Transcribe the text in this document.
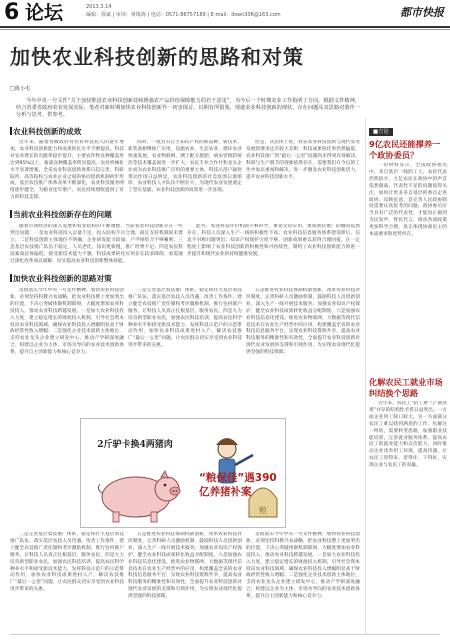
6 论坛	2013.3.14
编辑：徐斌 | 审读：黄镇海 | 电话：0571-86757189 | E-mail：dswn306@163.com	都市快报
加快农业科技创新的思路和对策
□陈小毛

今年中央一号文件“关于加快推进农业科技创新持续增强农产品供给保障能力的若干意见”，为今后一个时期农业工作指明了方向。根据文件精神，结合省委省政府农业发展实际，笔者对新时期加快农业科技创新作一初步探讨，以期有所借鉴，现就农业科技创新的现状、存在问题及其思路对策作一分析与思考，供参考。

农业科技创新的成效
近年来，随着各级政府对农业科技投入的逐年增加，农业科技创新能力和成果转化水平不断提高。科技对农业增长的贡献率稳步提升，主要农作物良种覆盖率达到95%以上，畜禽良种覆盖率明显提高，农业机械化水平显著增强。全省农业科技创新体系日趋完善，科研院所、高等院校与农业企业之间的协同创新机制初步形成，基层农技推广体系改革不断深化，农业科技服务网络逐步健全，为粮食连年增产、农民持续增收提供了有力的科技支撑。
同时，一批具有自主知识产权的新品种、新技术、新装备相继推广应用，设施农业、生态农业、循环农业快速发展，农业物联网、测土配方施肥、病虫害统防统治等技术覆盖面进一步扩大。农民专业合作社和龙头企业成为农业科技推广应用的重要主体，科技示范户辐射带动作用日益明显，农业科技创新的社会氛围日渐浓厚，农业科技人才队伍不断壮大，为现代农业发展奠定了坚实基础，农业科技创新的成效进一步显现。
但是，从总体上看，我省农业科技创新与现代农业发展的要求还有较大差距，科技成果转化率仍然偏低，农业科技推广的“最后一公里”问题尚未得到有效解决，科研与生产脱节的现象依然存在，需要我们在今后的工作中加以重视和解决，进一步激发农业科技创新活力，提升农业科技创新水平。
当前农业科技创新存在的问题
随着市场经济的深入发展和农业结构的不断调整，当前农业科技创新存在一些突出问题：一是农业科技投入总量不足，投入结构不尽合理，稳定支持机制尚未建立；二是科技创新主体地位不明确，企业研发能力较弱，产学研结合不够紧密；三是基层农技推广队伍不稳定，人员老化、知识更新慢，推广经费不足；四是农民科技素质总体偏低，接受新技术能力不强，科技成果转化应用存在较多障碍，亟需通过深化改革加以破解，切实提高农业科技创新整体效能。
此外，农业科技评价机制不够科学，重论文轻应用、重成果轻推广的倾向依然存在，科技人员深入生产一线的积极性不高；农业科技信息服务体系建设滞后，信息不对称问题突出；知识产权保护力度不够，创新成果难以获得合理回报，在一定程度上影响了农业科技创新的积极性和可持续性，制约了农业科技创新能力的进一步提升和现代农业的持续健康发展。
加快农业科技创新的思路对策
贯彻落实今年中央一号文件精神，加快农业科技创新，必须坚持科教兴农战略，把农业科技摆上更加突出的位置，下决心突破体制机制障碍，大幅度增加农业科技投入，推动农业科技跨越发展。一是加大农业科技投入力度，建立稳定增长的财政投入机制，引导社会资本投向农业科技领域，确保农业科技投入增幅明显高于财政经常性收入增幅；二是强化企业技术创新主体地位，支持农业龙头企业建立研发中心，推动产学研深度融合，构建以企业为主体、市场为导向的农业技术创新体系，提升自主创新能力和核心竞争力。
三是完善基层农技推广体系，稳定和壮大基层农技推广队伍，落实基层农技人员待遇，改善工作条件，建立健全农技推广责任制和考评激励机制，推行包村联户服务，让科技人员真正扎根基层、服务农民。四是大力培育新型职业农民，加强农民科技培训，提高农民科学种养水平和接受新技术能力，发挥科技示范户的示范带动作用，加快农业科技成果进村入户，解决农技推广“最后一公里”问题，让农民群众切实享受到农业科技进步带来的实惠。
五是推进农业科技体制机制创新，改革农业科技评价制度，完善科研人员激励机制，鼓励科技人员创新创业，深入生产一线开展技术服务；加强农业知识产权保护，健全农业科技成果转化收益分配制度。六是加强农业科技信息化建设，推进农业物联网、大数据等现代信息技术在农业生产经营中的应用，构建覆盖全省的农业科技信息服务平台，实现农业科技资源共享，提高农业科技服务的精准性和有效性，全面提升农业科技创新对现代农业发展的支撑和引领作用，为实现农业现代化提供坚强的科技保障。
三是完善基层农技推广体系，稳定和壮大基层农技推广队伍，落实基层农技人员待遇，改善工作条件，建立健全农技推广责任制和考评激励机制，推行包村联户服务，让科技人员真正扎根基层、服务农民。四是大力培育新型职业农民，加强农民科技培训，提高农民科学种养水平和接受新技术能力，发挥科技示范户的示范带动作用，加快农业科技成果进村入户，解决农技推广“最后一公里”问题，让农民群众切实享受到农业科技进步带来的实惠。
五是推进农业科技体制机制创新，改革农业科技评价制度，完善科研人员激励机制，鼓励科技人员创新创业，深入生产一线开展技术服务；加强农业知识产权保护，健全农业科技成果转化收益分配制度。六是加强农业科技信息化建设，推进农业物联网、大数据等现代信息技术在农业生产经营中的应用，构建覆盖全省的农业科技信息服务平台，实现农业科技资源共享，提高农业科技服务的精准性和有效性，全面提升农业科技创新对现代农业发展的支撑和引领作用，为实现农业现代化提供坚强的科技保障。
贯彻落实今年中央一号文件精神，加快农业科技创新，必须坚持科教兴农战略，把农业科技摆上更加突出的位置，下决心突破体制机制障碍，大幅度增加农业科技投入，推动农业科技跨越发展。一是加大农业科技投入力度，建立稳定增长的财政投入机制，引导社会资本投向农业科技领域，确保农业科技投入增幅明显高于财政经常性收入增幅；二是强化企业技术创新主体地位，支持农业龙头企业建立研发中心，推动产学研深度融合，构建以企业为主体、市场为导向的农业技术创新体系，提升自主创新能力和核心竞争力。
粮
2斤驴卡换4两猪肉
“粮保佳”遇390亿养猪补案
■言论
9亿农民还能撑养一个政协委员？

一份材料显示，全国政协委员中，来自基层一线的工人、农民代表仍然较少，九亿农民在政协中的声音依然微弱。代表性不足的问题值得关注，如何让更多来自基层的委员走进政协、反映民意，是完善人民政协制度需要认真思考的问题。政协委员应当具有广泛的代表性，才能真正做到为民发声、替民代言，推动各项政策更加科学合理，真正体现协商民主的本质要求和优势所在。

化解农民工就业市场纠结换个思路

近年来，农民工“招工难”与“就业难”并存的结构性矛盾日益突出。一方面企业用工缺口较大，另一方面部分农民工难以找到满意的工作。化解这一纠结，需要转变思路，加强职业技能培训，完善就业服务体系，提高农民工的就业能力和议价能力，同时推动企业改善用工环境，提高待遇，让农民工进得来、留得住、干得好，实现企业与农民工的双赢。
